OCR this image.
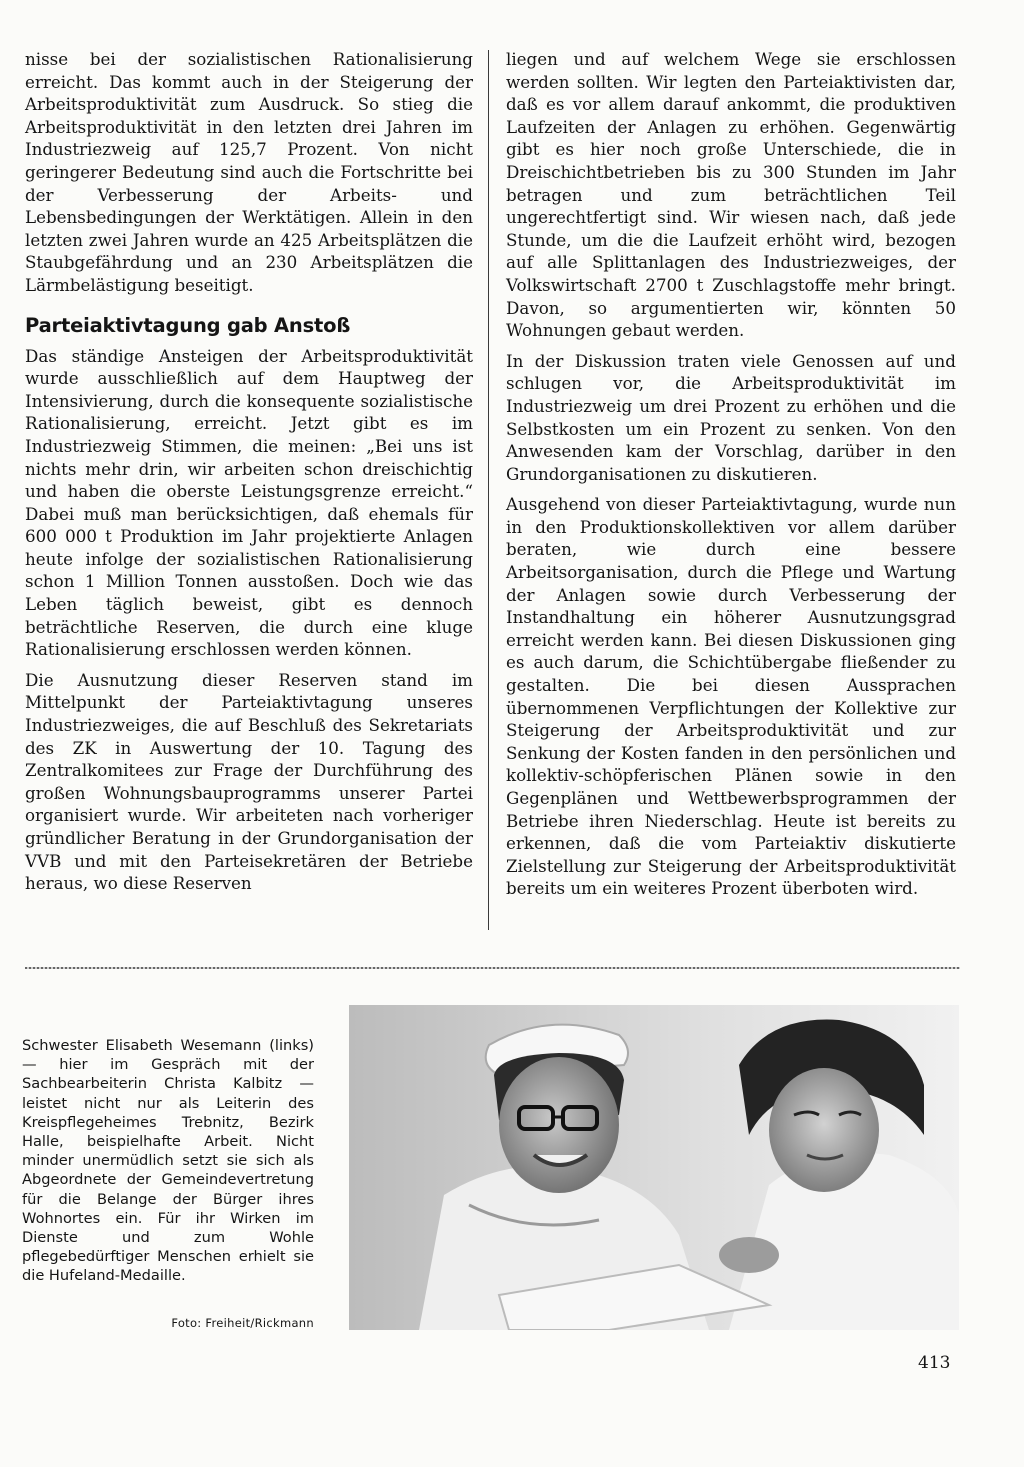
nisse bei der sozialistischen Rationalisierung erreicht. Das kommt auch in der Steigerung der Arbeitsproduktivität zum Ausdruck. So stieg die Arbeitsproduktivität in den letzten drei Jahren im Industriezweig auf 125,7 Prozent. Von nicht geringerer Bedeutung sind auch die Fortschritte bei der Verbesserung der Arbeits- und Lebensbedingungen der Werktätigen. Allein in den letzten zwei Jahren wurde an 425 Arbeitsplätzen die Staubgefährdung und an 230 Arbeitsplätzen die Lärmbelästigung beseitigt.

Parteiaktivtagung gab Anstoß

Das ständige Ansteigen der Arbeitsproduktivität wurde ausschließlich auf dem Hauptweg der Intensivierung, durch die konsequente sozialistische Rationalisierung, erreicht. Jetzt gibt es im Industriezweig Stimmen, die meinen: „Bei uns ist nichts mehr drin, wir arbeiten schon dreischichtig und haben die oberste Leistungsgrenze erreicht.“ Dabei muß man berücksichtigen, daß ehemals für 600 000 t Produktion im Jahr projektierte Anlagen heute infolge der sozialistischen Rationalisierung schon 1 Million Tonnen ausstoßen. Doch wie das Leben täglich beweist, gibt es dennoch beträchtliche Reserven, die durch eine kluge Rationalisierung erschlossen werden können.

Die Ausnutzung dieser Reserven stand im Mittelpunkt der Parteiaktivtagung unseres Industriezweiges, die auf Beschluß des Sekretariats des ZK in Auswertung der 10. Tagung des Zentralkomitees zur Frage der Durchführung des großen Wohnungsbauprogramms unserer Partei organisiert wurde. Wir arbeiteten nach vorheriger gründlicher Beratung in der Grundorganisation der VVB und mit den Parteisekretären der Betriebe heraus, wo diese Reserven

liegen und auf welchem Wege sie erschlossen werden sollten. Wir legten den Parteiaktivisten dar, daß es vor allem darauf ankommt, die produktiven Laufzeiten der Anlagen zu erhöhen. Gegenwärtig gibt es hier noch große Unterschiede, die in Dreischichtbetrieben bis zu 300 Stunden im Jahr betragen und zum beträchtlichen Teil ungerechtfertigt sind. Wir wiesen nach, daß jede Stunde, um die die Laufzeit erhöht wird, bezogen auf alle Splittanlagen des Industriezweiges, der Volkswirtschaft 2700 t Zuschlagstoffe mehr bringt. Davon, so argumentierten wir, könnten 50 Wohnungen gebaut werden.

In der Diskussion traten viele Genossen auf und schlugen vor, die Arbeitsproduktivität im Industriezweig um drei Prozent zu erhöhen und die Selbstkosten um ein Prozent zu senken. Von den Anwesenden kam der Vorschlag, darüber in den Grundorganisationen zu diskutieren.

Ausgehend von dieser Parteiaktivtagung, wurde nun in den Produktionskollektiven vor allem darüber beraten, wie durch eine bessere Arbeitsorganisation, durch die Pflege und Wartung der Anlagen sowie durch Verbesserung der Instandhaltung ein höherer Ausnutzungsgrad erreicht werden kann. Bei diesen Diskussionen ging es auch darum, die Schichtübergabe fließender zu gestalten. Die bei diesen Aussprachen übernommenen Verpflichtungen der Kollektive zur Steigerung der Arbeitsproduktivität und zur Senkung der Kosten fanden in den persönlichen und kollektiv-schöpferischen Plänen sowie in den Gegenplänen und Wettbewerbsprogrammen der Betriebe ihren Niederschlag. Heute ist bereits zu erkennen, daß die vom Parteiaktiv diskutierte Zielstellung zur Steigerung der Arbeitsproduktivität bereits um ein weiteres Prozent überboten wird.

Schwester Elisabeth Wesemann (links) — hier im Gespräch mit der Sachbearbeiterin Christa Kalbitz — leistet nicht nur als Leiterin des Kreispflegeheimes Trebnitz, Bezirk Halle, beispielhafte Arbeit. Nicht minder unermüdlich setzt sie sich als Abgeordnete der Gemeindevertretung für die Belange der Bürger ihres Wohnortes ein. Für ihr Wirken im Dienste und zum Wohle pflegebedürftiger Menschen erhielt sie die Hufeland-Medaille.
Foto: Freiheit/Rickmann
413
